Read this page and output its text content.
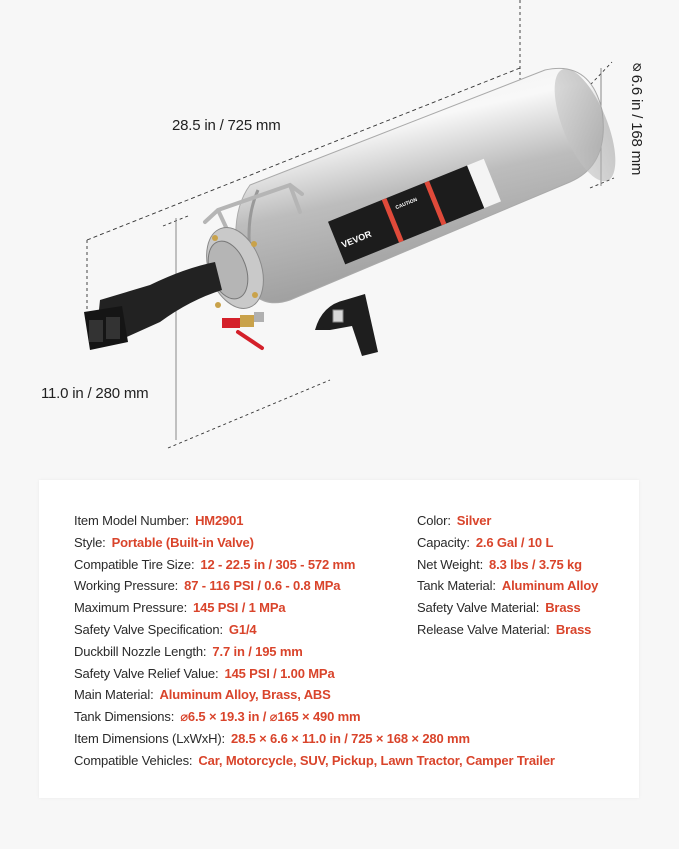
VEVOR
CAUTION
28.5 in / 725 mm
11.0 in / 280 mm
⌀6.6 in / 168 mm
Item Model Number: HM2901
Style: Portable (Built-in Valve)
Compatible Tire Size: 12 - 22.5 in / 305 - 572 mm
Working Pressure: 87 - 116 PSI / 0.6 - 0.8 MPa
Maximum Pressure: 145 PSI / 1 MPa
Safety Valve Specification: G1/4
Duckbill Nozzle Length: 7.7 in / 195 mm
Safety Valve Relief Value: 145 PSI / 1.00 MPa
Main Material: Aluminum Alloy, Brass, ABS
Tank Dimensions: ⌀6.5 × 19.3 in / ⌀165 × 490 mm
Item Dimensions (LxWxH): 28.5 × 6.6 × 11.0 in / 725 × 168 × 280 mm
Compatible Vehicles: Car, Motorcycle, SUV, Pickup, Lawn Tractor, Camper Trailer
Color: Silver
Capacity: 2.6 Gal / 10 L
Net Weight: 8.3 lbs / 3.75 kg
Tank Material: Aluminum Alloy
Safety Valve Material: Brass
Release Valve Material: Brass
